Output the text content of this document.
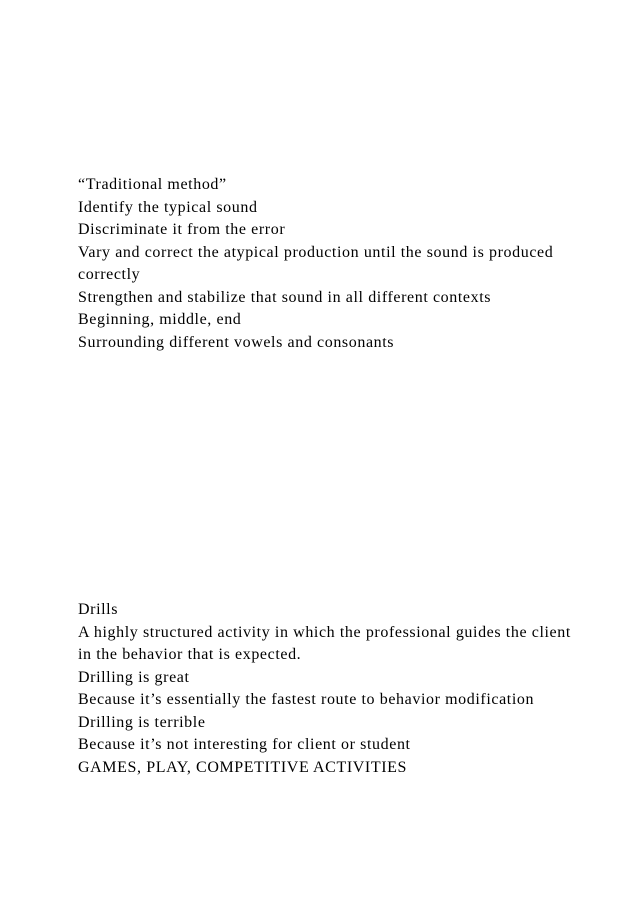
“Traditional method”

Identify the typical sound

Discriminate it from the error

Vary and correct the atypical production until the sound is produced correctly

Strengthen and stabilize that sound in all different contexts

Beginning, middle, end

Surrounding different vowels and consonants

Drills

A highly structured activity in which the professional guides the client in the behavior that is expected.

Drilling is great

Because it’s essentially the fastest route to behavior modification

Drilling is terrible

Because it’s not interesting for client or student

GAMES, PLAY, COMPETITIVE ACTIVITIES
